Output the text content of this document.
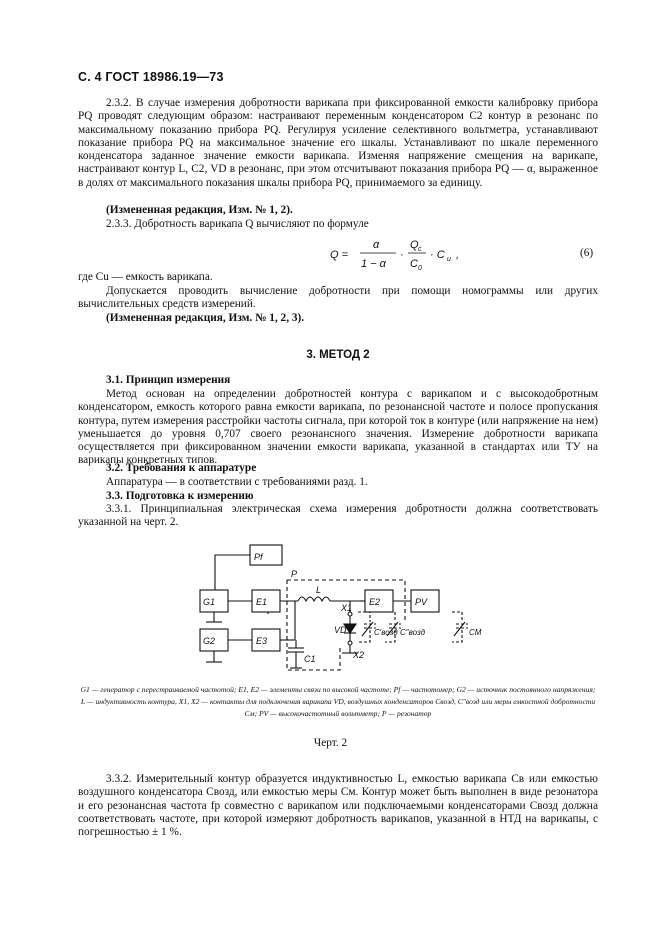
С. 4 ГОСТ 18986.19—73
2.3.2. В случае измерения добротности варикапа при фиксированной емкости калибровку прибора PQ проводят следующим образом: настраивают переменным конденсатором C2 контур в резонанс по максимальному показанию прибора PQ. Регулируя усиление селективного вольтметра, устанавливают показание прибора PQ на максимальное значение его шкалы. Устанавливают по шкале переменного конденсатора заданное значение емкости варикапа. Изменяя напряжение смещения на варикапе, настраивают контур L, C2, VD в резонанс, при этом отсчитывают показания прибора PQ — α, выраженное в долях от максимального показания шкалы прибора PQ, принимаемого за единицу.
(Измененная редакция, Изм. № 1, 2).
2.3.3. Добротность варикапа Q вычисляют по формуле
Q =
α
1 − α
·
Q c
C 0
· C u ,	(6)
где Cu — емкость варикапа.
Допускается проводить вычисление добротности при помощи номограммы или других вычислительных средств измерений.
(Измененная редакция, Изм. № 1, 2, 3).
3. МЕТОД 2
3.1. Принцип измерения
Метод основан на определении добротностей контура с варикапом и с высокодобротным конденсатором, емкость которого равна емкости варикапа, по резонансной частоте и полосе пропускания контура, путем измерения расстройки частоты сигнала, при которой ток в контуре (или напряжение на нем) уменьшается до уровня 0,707 своего резонансного значения. Измерение добротности варикапа осуществляется при фиксированном значении емкости варикапа, указанной в стандартах или ТУ на варикапы конкретных типов.
3.2. Требования к аппаратуре
Аппаратура — в соответствии с требованиями разд. 1.
3.3. Подготовка к измерению
3.3.1. Принципиальная электрическая схема измерения добротности должна соответствовать указанной на черт. 2.
Pf
G1	E1
G2	E3
P
L
E2	PV
X1
VD
X2
C1
C′возд C″возд	CM
G1 — генератор с перестраиваемой частотой; E1, E2 — элементы связи по высокой частоте; Pf — частотомер; G2 — источник постоянного напряжения; L — индуктивность контура, X1, X2 — контакты для подключения варикапа VD, воздушных конденсаторов Cвозд, C″возд или меры емкостной добротности Cм; PV — высокочастотный вольтметр; P — резонатор
Черт. 2
3.3.2. Измерительный контур образуется индуктивностью L, емкостью варикапа Cв или емкостью воздушного конденсатора Cвозд, или емкостью меры Cм. Контур может быть выполнен в виде резонатора и его резонансная частота fр совместно с варикапом или подключаемыми конденсаторами Cвозд должна соответствовать частоте, при которой измеряют добротность варикапов, указанной в НТД на варикапы, с погрешностью ± 1 %.
